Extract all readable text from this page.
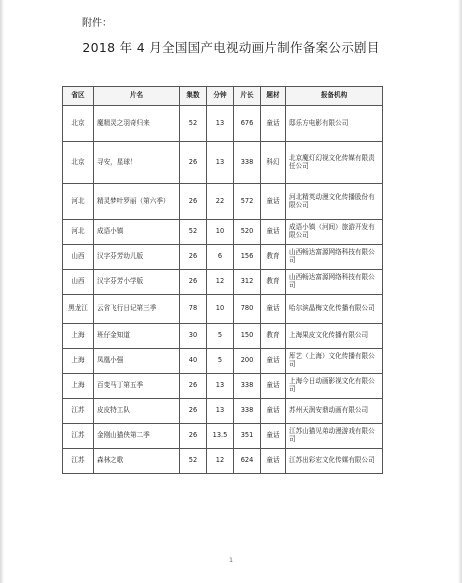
附件：
2018 年 4 月全国国产电视动画片制作备案公示剧目
省区	片名	集数	分钟	片长	题材	报备机构
北京	魔精灵之羽奇归来	52	13	676	童话	邸乐方电影有限公司
北京	寻安，星球！	26	13	338	科幻	北京魔灯幻视文化传媒有限责任公司
河北	精灵梦叶罗丽（第六季）	26	22	572	童话	河北精英动漫文化传播股份有限公司
河北	成语小镇	52	10	520	童话	成语小镇（河间）旅游开发有限公司
山西	汉字芬芳幼儿版	26	6	156	教育	山西畅达富源网络科技有限公司
山西	汉字芬芳小学版	26	12	312	教育	山西畅达富源网络科技有限公司
黑龙江	云省飞行日记第三季	78	10	780	童话	哈尔滨晶梅文化传播有限公司
上海	班仔金知道	30	5	150	教育	上海果皮文化传播有限公司
上海	凤凰小强	40	5	200	童话	厍艺（上海）文化传播有限公司
上海	百变马丁第五季	26	13	338	童话	上海今日动画影视文化有限公司
江苏	皮皮特工队	26	13	338	童话	苏州天润安鼎动画有限公司
江苏	金刚山猫侠第二季	26	13.5	351	童话	江苏山猫见弟动漫游戏有限公司
江苏	森林之歌	52	12	624	童话	江苏出彩宏文化传媒有限公司
1
